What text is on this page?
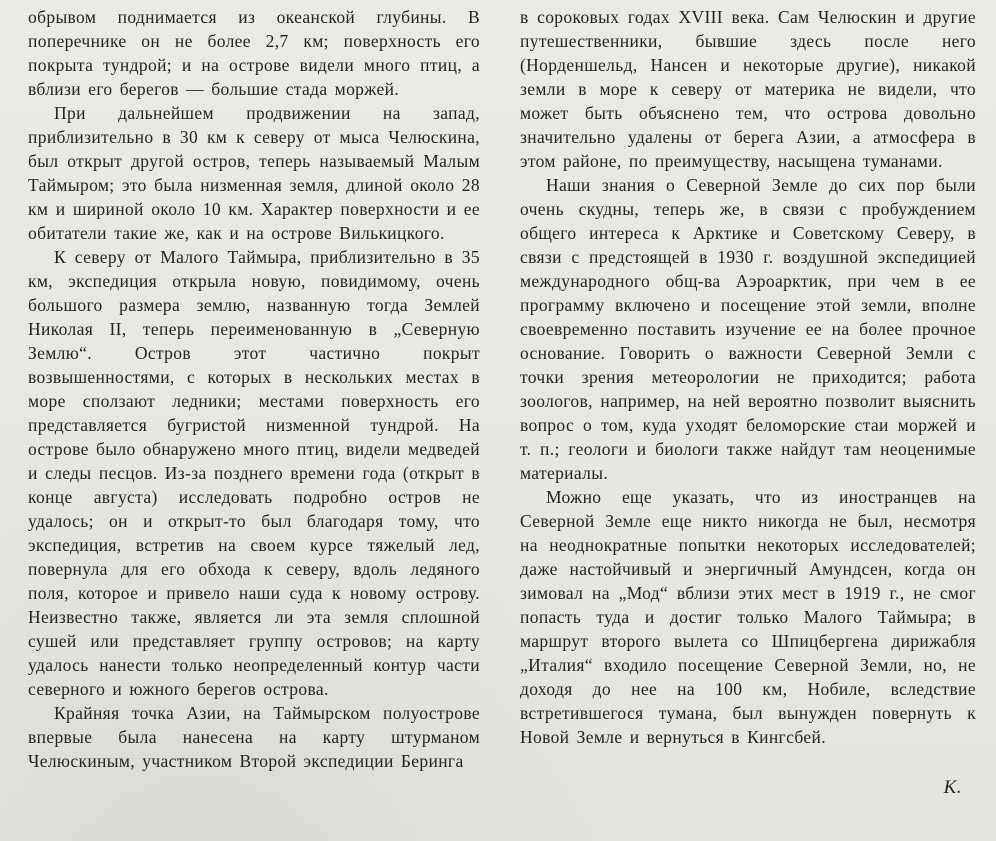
обрывом поднимается из океанской глубины. В поперечнике он не более 2,7 км; поверхность его покрыта тундрой; и на острове видели много птиц, а вблизи его берегов — большие стада моржей.

При дальнейшем продвижении на запад, приблизительно в 30 км к северу от мыса Челюскина, был открыт другой остров, теперь называемый Малым Таймыром; это была низменная земля, длиной около 28 км и шириной около 10 км. Характер поверхности и ее обитатели такие же, как и на острове Вилькицкого.

К северу от Малого Таймыра, приблизительно в 35 км, экспедиция открыла новую, повидимому, очень большого размера землю, названную тогда Землей Николая II, теперь переименованную в „Северную Землю“. Остров этот частично покрыт возвышенностями, с которых в нескольких местах в море сползают ледники; местами поверхность его представляется бугристой низменной тундрой. На острове было обнаружено много птиц, видели медведей и следы песцов. Из-за позднего времени года (открыт в конце августа) исследовать подробно остров не удалось; он и открыт-то был благодаря тому, что экспедиция, встретив на своем курсе тяжелый лед, повернула для его обхода к северу, вдоль ледяного поля, которое и привело наши суда к новому острову. Неизвестно также, является ли эта земля сплошной сушей или представляет группу островов; на карту удалось нанести только неопределенный контур части северного и южного берегов острова.

Крайняя точка Азии, на Таймырском полуострове впервые была нанесена на карту штурманом Челюскиным, участником Второй экспедиции Беринга

в сороковых годах XVIII века. Сам Челюскин и другие путешественники, бывшие здесь после него (Норденшельд, Нансен и некоторые другие), никакой земли в море к северу от материка не видели, что может быть объяснено тем, что острова довольно значительно удалены от берега Азии, а атмосфера в этом районе, по преимуществу, насыщена туманами.

Наши знания о Северной Земле до сих пор были очень скудны, теперь же, в связи с пробуждением общего интереса к Арктике и Советскому Северу, в связи с предстоящей в 1930 г. воздушной экспедицией международного общ-ва Аэроарктик, при чем в ее программу включено и посещение этой земли, вполне своевременно поставить изучение ее на более прочное основание. Говорить о важности Северной Земли с точки зрения метеорологии не приходится; работа зоологов, например, на ней вероятно позволит выяснить вопрос о том, куда уходят беломорские стаи моржей и т. п.; геологи и биологи также найдут там неоценимые материалы.

Можно еще указать, что из иностранцев на Северной Земле еще никто никогда не был, несмотря на неоднократные попытки некоторых исследователей; даже настойчивый и энергичный Амундсен, когда он зимовал на „Мод“ вблизи этих мест в 1919 г., не смог попасть туда и достиг только Малого Таймыра; в маршрут второго вылета со Шпицбергена дирижабля „Италия“ входило посещение Северной Земли, но, не доходя до нее на 100 км, Нобиле, вследствие встретившегося тумана, был вынужден повернуть к Новой Земле и вернуться в Кингсбей.

К.
